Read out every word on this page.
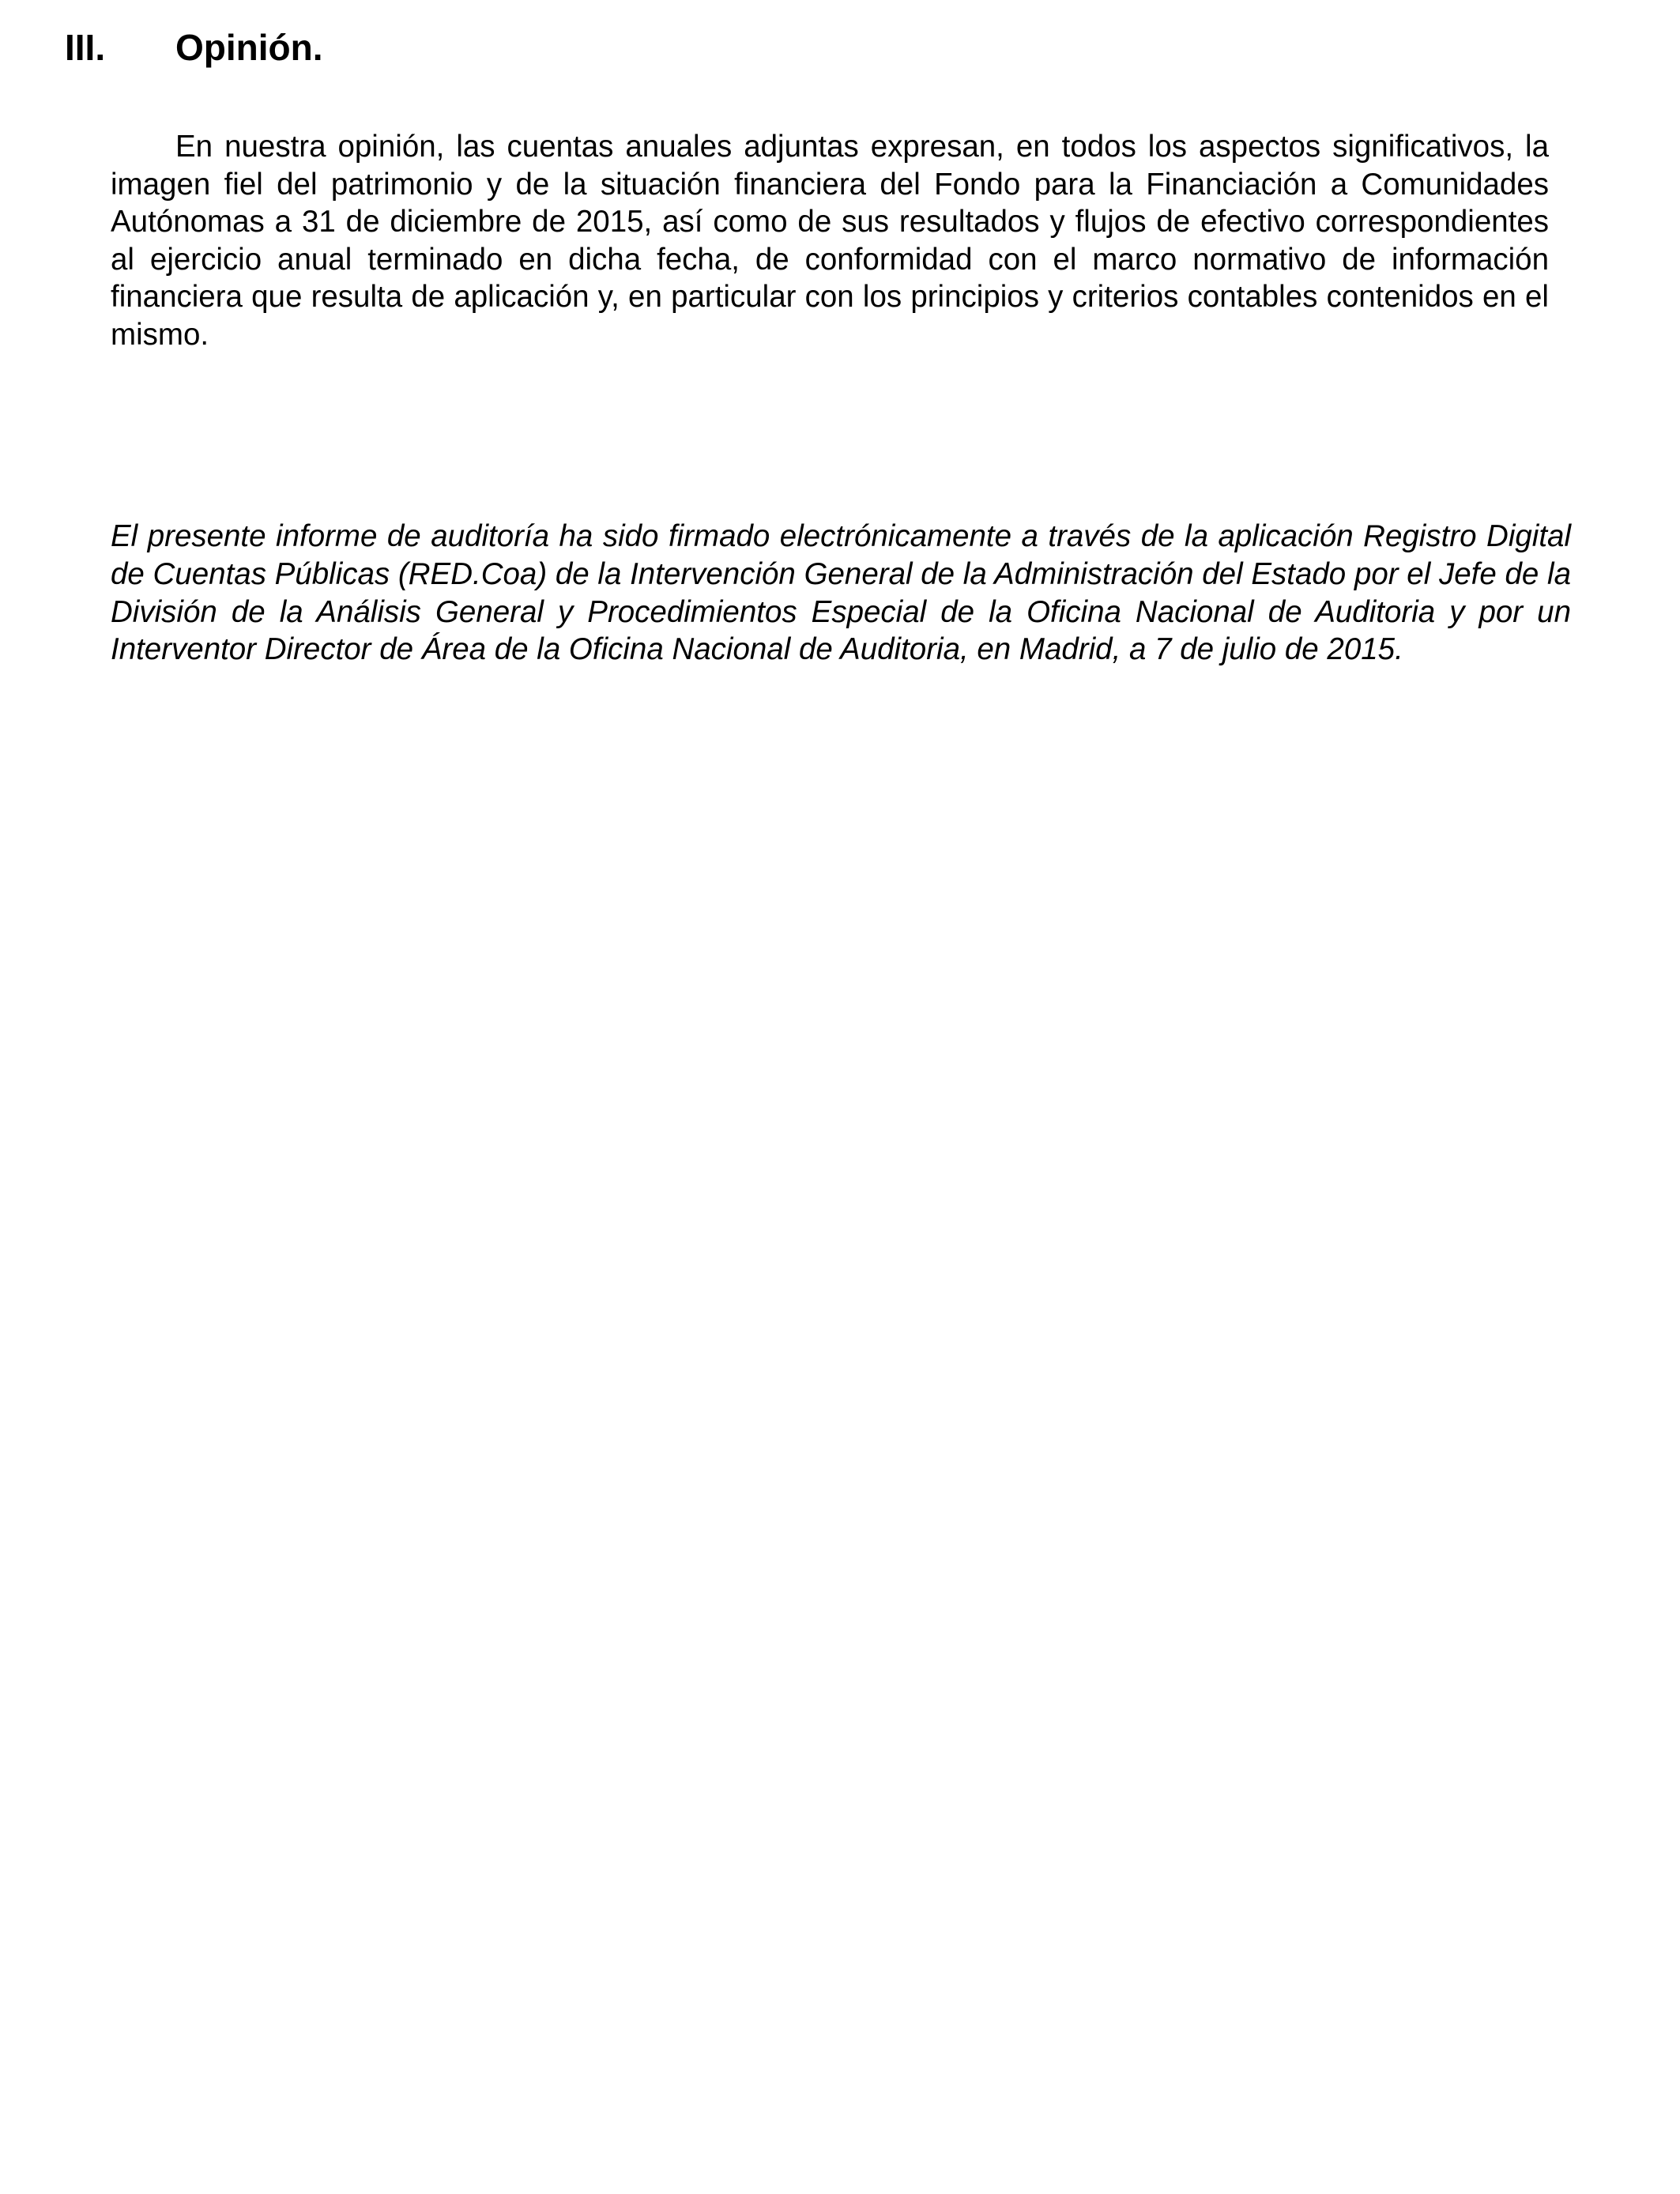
III.	Opinión.

En nuestra opinión, las cuentas anuales adjuntas expresan, en todos los aspectos significativos, la imagen fiel del patrimonio y de la situación financiera del Fondo para la Financiación a Comunidades Autónomas a 31 de diciembre de 2015, así como de sus resultados y flujos de efectivo correspondientes al ejercicio anual terminado en dicha fecha, de conformidad con el marco normativo de información financiera que resulta de aplicación y, en particular con los principios y criterios contables contenidos en el mismo.

El presente informe de auditoría ha sido firmado electrónicamente a través de la aplicación Registro Digital de Cuentas Públicas (RED.Coa) de la Intervención General de la Administración del Estado por el Jefe de la División de la Análisis General y Procedimientos Especial de la Oficina Nacional de Auditoria y por un Interventor Director de Área de la Oficina Nacional de Auditoria, en Madrid, a 7 de julio de 2015.
